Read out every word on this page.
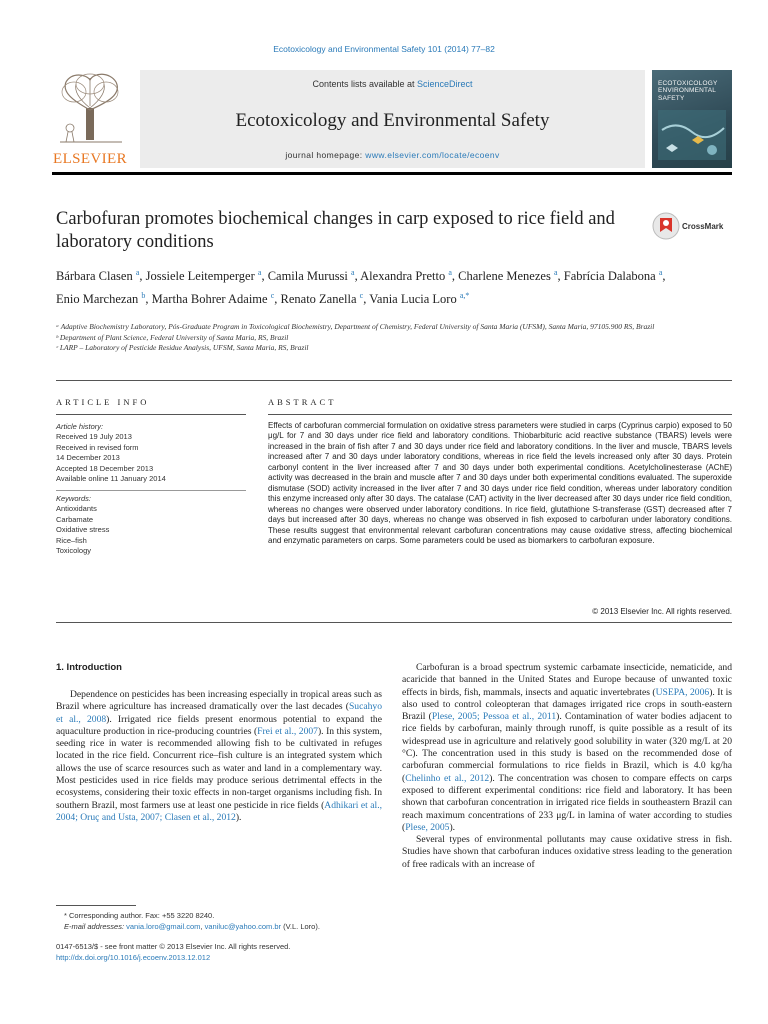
Ecotoxicology and Environmental Safety 101 (2014) 77–82
ELSEVIER
Contents lists available at ScienceDirect
Ecotoxicology and Environmental Safety
journal homepage: www.elsevier.com/locate/ecoenv
ECOTOXICOLOGY
ENVIRONMENTAL
SAFETY
Carbofuran promotes biochemical changes in carp exposed to rice field and laboratory conditions
CrossMark
Bárbara Clasen $^a$, Jossiele Leitemperger $^a$, Camila Murussi $^a$, Alexandra Pretto $^a$, Charlene Menezes $^a$, Fabrícia Dalabona $^a$, Enio Marchezan $^b$, Martha Bohrer Adaime $^c$, Renato Zanella $^c$, Vania Lucia Loro $^{a,*}$
ᵃ Adaptive Biochemistry Laboratory, Pós-Graduate Program in Toxicological Biochemistry, Department of Chemistry, Federal University of Santa Maria (UFSM), Santa Maria, 97105.900 RS, Brazil
ᵇ Department of Plant Science, Federal University of Santa Maria, RS, Brazil
ᶜ LARP – Laboratory of Pesticide Residue Analysis, UFSM, Santa Maria, RS, Brazil
ARTICLE INFO	ABSTRACT
Article history:
Received 19 July 2013
Received in revised form
14 December 2013
Accepted 18 December 2013
Available online 11 January 2014
Keywords:
Antioxidants
Carbamate
Oxidative stress
Rice–fish
Toxicology
Effects of carbofuran commercial formulation on oxidative stress parameters were studied in carps (Cyprinus carpio) exposed to 50 μg/L for 7 and 30 days under rice field and laboratory conditions. Thiobarbituric acid reactive substance (TBARS) levels were increased in the brain of fish after 7 and 30 days under rice field and laboratory conditions. In the liver and muscle, TBARS levels increased after 7 and 30 days under laboratory conditions, whereas in rice field the levels increased only after 30 days. Protein carbonyl content in the liver increased after 7 and 30 days under both experimental conditions. Acetylcholinesterase (AChE) activity was decreased in the brain and muscle after 7 and 30 days under both experimental conditions evaluated. The superoxide dismutase (SOD) activity increased in the liver after 7 and 30 days under rice field condition, whereas under laboratory condition this enzyme increased only after 30 days. The catalase (CAT) activity in the liver decreased after 30 days under rice field condition, whereas no changes were observed under laboratory conditions. In rice field, glutathione S-transferase (GST) decreased after 7 days but increased after 30 days, whereas no change was observed in fish exposed to carbofuran under laboratory conditions. These results suggest that environmental relevant carbofuran concentrations may cause oxidative stress, affecting biochemical and enzymatic parameters on carps. Some parameters could be used as biomarkers to carbofuran exposure.
© 2013 Elsevier Inc. All rights reserved.
1. Introduction
Dependence on pesticides has been increasing especially in tropical areas such as Brazil where agriculture has increased dramatically over the last decades (Sucahyo et al., 2008). Irrigated rice fields present enormous potential to expand the aquaculture production in rice-producing countries (Frei et al., 2007). In this system, seeding rice in water is recommended allowing fish to be cultivated in refuges located in the rice field. Concurrent rice–fish culture is an integrated system which allows the use of scarce resources such as water and land in a complementary way. Most pesticides used in rice fields may produce serious detrimental effects in the ecosystems, considering their toxic effects in non-target organisms including fish. In southern Brazil, most farmers use at least one pesticide in rice fields (Adhikari et al., 2004; Oruç and Usta, 2007; Clasen et al., 2012).

Carbofuran is a broad spectrum systemic carbamate insecticide, nematicide, and acaricide that banned in the United States and Europe because of unwanted toxic effects in birds, fish, mammals, insects and aquatic invertebrates (USEPA, 2006). It is also used to control coleopteran that damages irrigated rice crops in south-eastern Brazil (Plese, 2005; Pessoa et al., 2011). Contamination of water bodies adjacent to rice fields by carbofuran, mainly through runoff, is quite possible as a result of its widespread use in agriculture and relatively good solubility in water (320 mg/L at 20 °C). The concentration used in this study is based on the recommended dose of carbofuran commercial formulations to rice fields in Brazil, which is 4.0 kg/ha (Chelinho et al., 2012). The concentration was chosen to compare effects on carps exposed to different experimental conditions: rice field and laboratory. It has been shown that carbofuran concentration in irrigated rice fields in southeastern Brazil can reach maximum concentrations of 233 μg/L in lamina of water according to studies (Plese, 2005).

Several types of environmental pollutants may cause oxidative stress in fish. Studies have shown that carbofuran induces oxidative stress leading to the generation of free radicals with an increase of

* Corresponding author. Fax: +55 3220 8240.
E-mail addresses: vania.loro@gmail.com, vaniluc@yahoo.com.br (V.L. Loro).
0147-6513/$ - see front matter © 2013 Elsevier Inc. All rights reserved.
http://dx.doi.org/10.1016/j.ecoenv.2013.12.012
